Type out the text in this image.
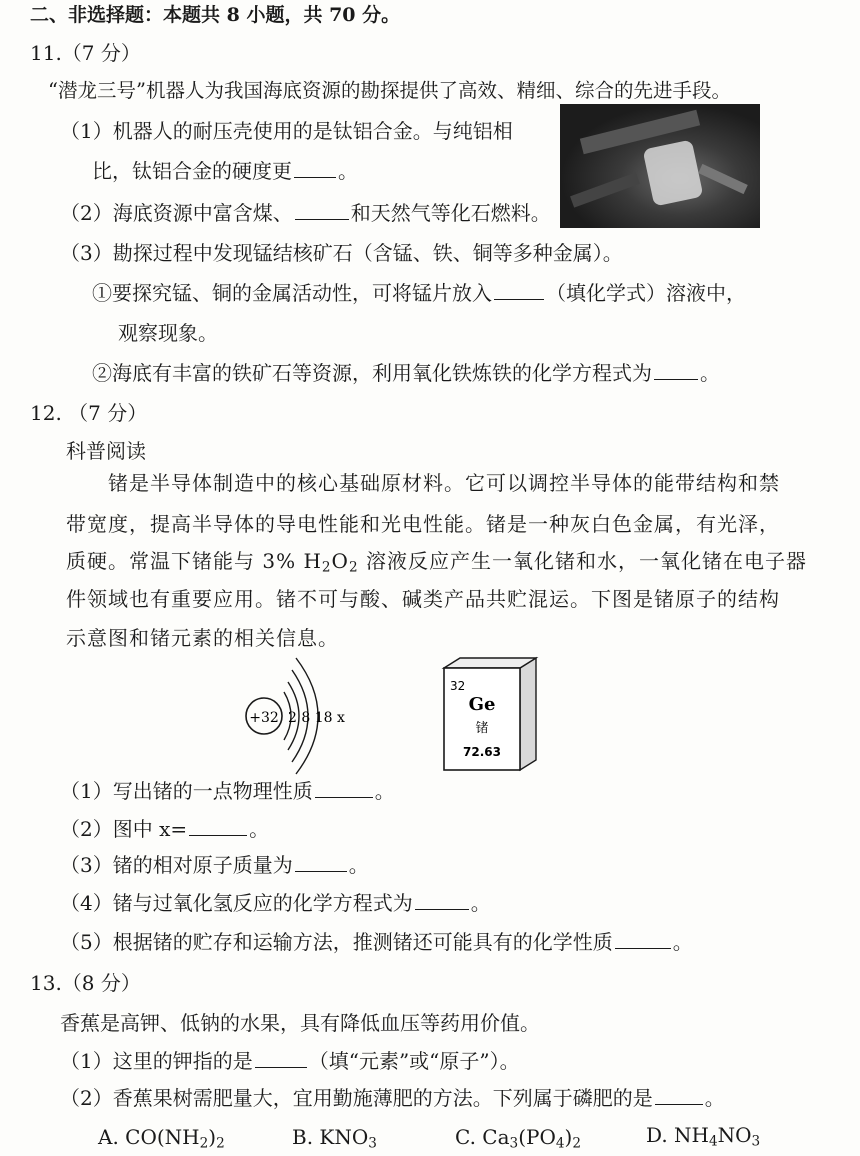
二、非选择题：本题共 8 小题，共 70 分。
11.（7 分）
“潜龙三号”机器人为我国海底资源的勘探提供了高效、精细、综合的先进手段。
（1）机器人的耐压壳使用的是钛铝合金。与纯铝相
比，钛铝合金的硬度更 。
（2）海底资源中富含煤、	和天然气等化石燃料。
（3）勘探过程中发现锰结核矿石（含锰、铁、铜等多种金属）。
①要探究锰、铜的金属活动性，可将锰片放入	（填化学式）溶液中，
观察现象。
②海底有丰富的铁矿石等资源，利用氧化铁炼铁的化学方程式为 。
12. （7 分）
科普阅读
锗是半导体制造中的核心基础原材料。它可以调控半导体的能带结构和禁
带宽度，提高半导体的导电性能和光电性能。锗是一种灰白色金属，有光泽，
质硬。常温下锗能与 3% $H_2O_2$ 溶液反应产生一氧化锗和水，一氧化锗在电子器
件领域也有重要应用。锗不可与酸、碱类产品共贮混运。下图是锗原子的结构
示意图和锗元素的相关信息。
+32 2 8 18 x
32
Ge
锗
72.63
（1）写出锗的一点物理性质	。
（2）图中 x=	。
（3）锗的相对原子质量为	。
（4）锗与过氧化氢反应的化学方程式为	。
（5）根据锗的贮存和运输方法，推测锗还可能具有的化学性质	。
13.（8 分）
香蕉是高钾、低钠的水果，具有降低血压等药用价值。
（1）这里的钾指的是	（填“元素”或“原子”）。
（2）香蕉果树需肥量大，宜用勤施薄肥的方法。下列属于磷肥的是	。
A. $CO(NH_2)_2$	B. $KNO_3$	C. $Ca_3(PO_4)_2$	D. $NH_4NO_3$
